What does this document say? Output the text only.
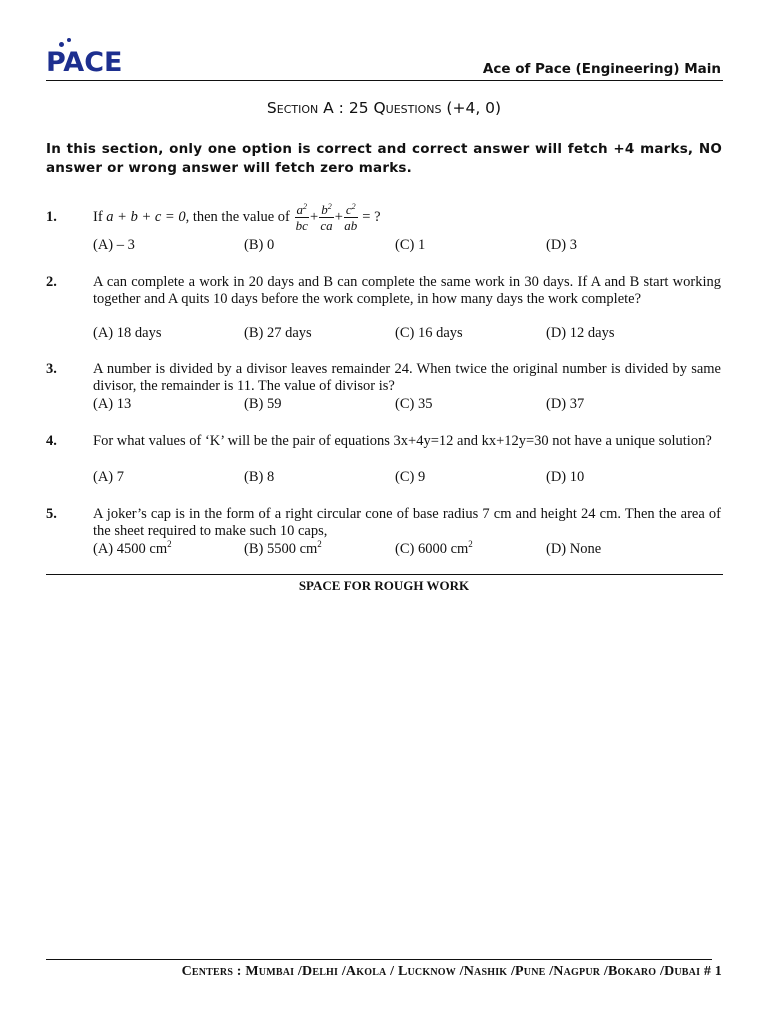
PACE	Ace of Pace (Engineering) Main
Section A : 25 Questions (+4, 0)
In this section, only one option is correct and correct answer will fetch +4 marks, NO answer or wrong answer will fetch zero marks.
1. If a + b + c = 0, then the value of $\frac{a^2}{bc} + \frac{b^2}{ca} + \frac{c^2}{ab}$ = ?
(A) – 3	(B) 0	(C) 1	(D) 3
2. A can complete a work in 20 days and B can complete the same work in 30 days. If A and B start working together and A quits 10 days before the work complete, in how many days the work complete?
(A) 18 days	(B) 27 days	(C) 16 days	(D) 12 days
3. A number is divided by a divisor leaves remainder 24. When twice the original number is divided by same divisor, the remainder is 11. The value of divisor is?
(A) 13	(B) 59	(C) 35	(D) 37
4. For what values of ‘K’ will be the pair of equations 3x+4y=12 and kx+12y=30 not have a unique solution?
(A) 7	(B) 8	(C) 9	(D) 10
5. A joker’s cap is in the form of a right circular cone of base radius 7 cm and height 24 cm. Then the area of the sheet required to make such 10 caps,
(A) 4500 $cm^2$	(B) 5500 $cm^2$	(C) 6000 $cm^2$	(D) None
SPACE FOR ROUGH WORK
Centers : Mumbai /Delhi /Akola / Lucknow /Nashik /Pune /Nagpur /Bokaro /Dubai # 1
